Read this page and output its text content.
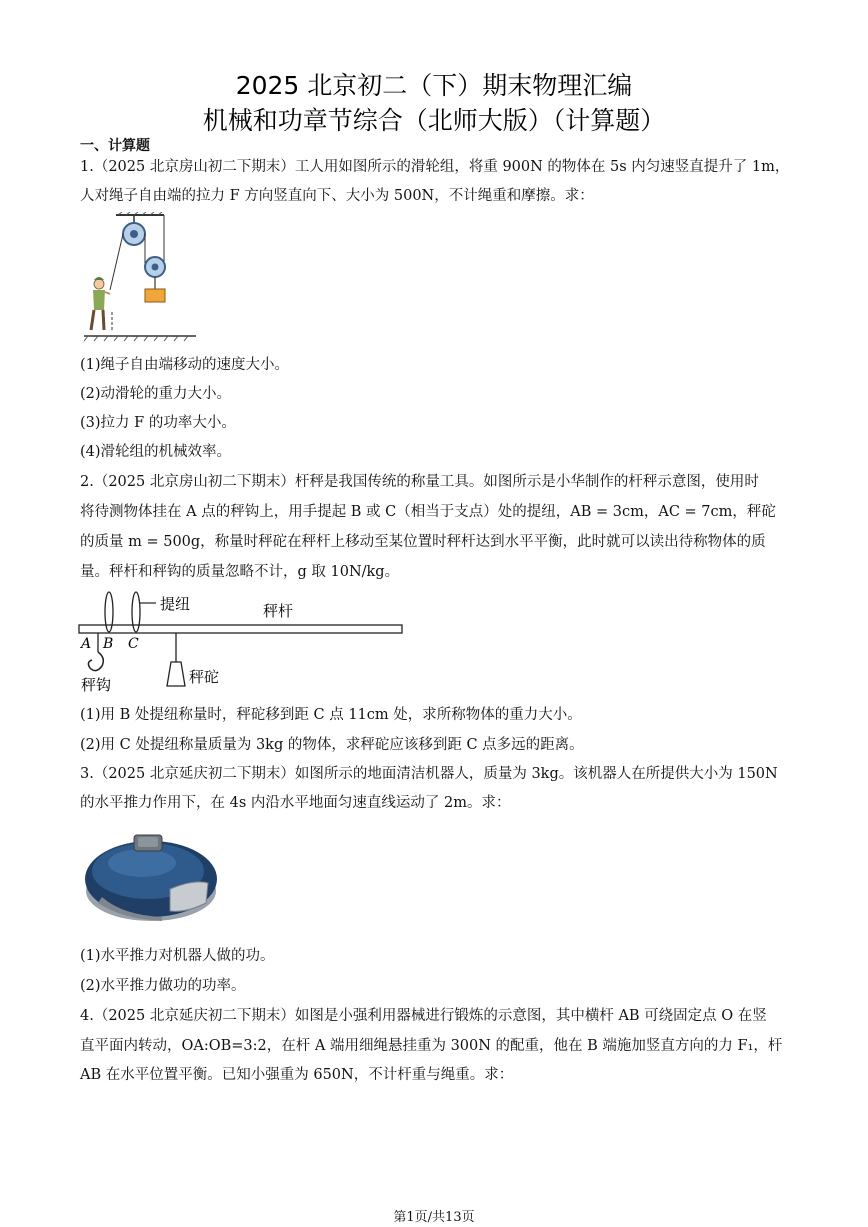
2025 北京初二（下）期末物理汇编
机械和功章节综合（北师大版）（计算题）
一、计算题
1.（2025 北京房山初二下期末）工人用如图所示的滑轮组，将重 900N 的物体在 5s 内匀速竖直提升了 1m，
人对绳子自由端的拉力 F 方向竖直向下、大小为 500N，不计绳重和摩擦。求：
(1)绳子自由端移动的速度大小。
(2)动滑轮的重力大小。
(3)拉力 F 的功率大小。
(4)滑轮组的机械效率。
2.（2025 北京房山初二下期末）杆秤是我国传统的称量工具。如图所示是小华制作的杆秤示意图，使用时
将待测物体挂在 A 点的秤钩上，用手提起 B 或 C（相当于支点）处的提纽，AB = 3cm，AC = 7cm，秤砣
的质量 m = 500g，称量时秤砣在秤杆上移动至某位置时秤杆达到水平平衡，此时就可以读出待称物体的质
量。秤杆和秤钩的质量忽略不计，g 取 10N/kg。
提纽	秤杆
A B C
秤钩	秤砣
(1)用 B 处提纽称量时，秤砣移到距 C 点 11cm 处，求所称物体的重力大小。
(2)用 C 处提纽称量质量为 3kg 的物体，求秤砣应该移到距 C 点多远的距离。
3.（2025 北京延庆初二下期末）如图所示的地面清洁机器人，质量为 3kg。该机器人在所提供大小为 150N
的水平推力作用下，在 4s 内沿水平地面匀速直线运动了 2m。求：
(1)水平推力对机器人做的功。
(2)水平推力做功的功率。
4.（2025 北京延庆初二下期末）如图是小强利用器械进行锻炼的示意图，其中横杆 AB 可绕固定点 O 在竖
直平面内转动，OA:OB=3:2，在杆 A 端用细绳悬挂重为 300N 的配重，他在 B 端施加竖直方向的力 F₁，杆
AB 在水平位置平衡。已知小强重为 650N，不计杆重与绳重。求：
第1页/共13页
